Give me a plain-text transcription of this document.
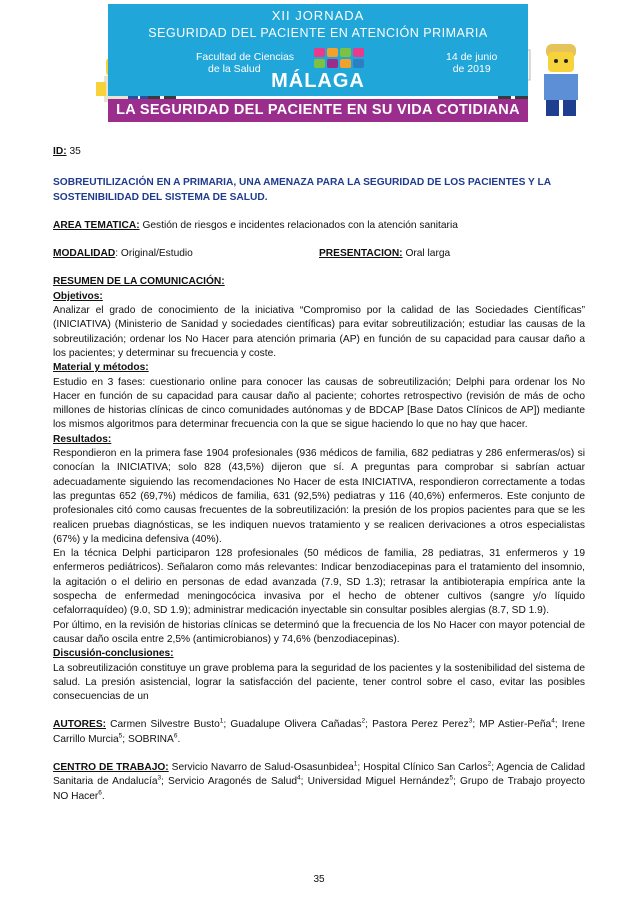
XII JORNADA
SEGURIDAD DEL PACIENTE EN ATENCIÓN PRIMARIA
Facultad de Ciencias
de la Salud
14 de junio
de 2019
MÁLAGA
LA SEGURIDAD DEL PACIENTE EN SU VIDA COTIDIANA
ID: 35
SOBREUTILIZACIÓN EN A PRIMARIA, UNA AMENAZA PARA LA SEGURIDAD DE LOS PACIENTES Y LA SOSTENIBILIDAD DEL SISTEMA DE SALUD.
AREA TEMATICA: Gestión de riesgos e incidentes relacionados con la atención sanitaria
MODALIDAD: Original/Estudio	PRESENTACION: Oral larga
RESUMEN DE LA COMUNICACIÓN:
Objetivos:
Analizar el grado de conocimiento de la iniciativa “Compromiso por la calidad de las Sociedades Científicas” (INICIATIVA) (Ministerio de Sanidad y sociedades científicas) para evitar sobreutilización; estudiar las causas de la sobreutilización; ordenar los No Hacer para atención primaria (AP) en función de su capacidad para causar daño a los pacientes; y determinar su frecuencia y coste.
Material y métodos:
Estudio en 3 fases: cuestionario online para conocer las causas de sobreutilización; Delphi para ordenar los No Hacer en función de su capacidad para causar daño al paciente; cohortes retrospectivo (revisión de más de ocho millones de historias clínicas de cinco comunidades autónomas y de BDCAP [Base Datos Clínicos de AP]) mediante los mismos algoritmos para determinar frecuencia con la que se sigue haciendo lo que no hay que hacer.
Resultados:
Respondieron en la primera fase 1904 profesionales (936 médicos de familia, 682 pediatras y 286 enfermeras/os) si conocían la INICIATIVA; solo 828 (43,5%) dijeron que sí. A preguntas para comprobar si sabrían actuar adecuadamente siguiendo las recomendaciones No Hacer de esta INICIATIVA, respondieron correctamente a todas las preguntas 652 (69,7%) médicos de familia, 631 (92,5%) pediatras y 116 (40,6%) enfermeros. Este conjunto de profesionales citó como causas frecuentes de la sobreutilización: la presión de los propios pacientes para que se les realicen pruebas diagnósticas, se les indiquen nuevos tratamiento y se realicen derivaciones a otros especialistas (67%) y la medicina defensiva (40%).
En la técnica Delphi participaron 128 profesionales (50 médicos de familia, 28 pediatras, 31 enfermeros y 19 enfermeros pediátricos). Señalaron como más relevantes: Indicar benzodiacepinas para el tratamiento del insomnio, la agitación o el delirio en personas de edad avanzada (7.9, SD 1.3); retrasar la antibioterapia empírica ante la sospecha de enfermedad meningocócica invasiva por el hecho de obtener cultivos (sangre y/o líquido cefalorraquídeo) (9.0, SD 1.9); administrar medicación inyectable sin consultar posibles alergias (8.7, SD 1.9).
Por último, en la revisión de historias clínicas se determinó que la frecuencia de los No Hacer con mayor potencial de causar daño oscila entre 2,5% (antimicrobianos) y 74,6% (benzodiacepinas).
Discusión-conclusiones:
La sobreutilización constituye un grave problema para la seguridad de los pacientes y la sostenibilidad del sistema de salud. La presión asistencial, lograr la satisfacción del paciente, tener control sobre el caso, evitar las posibles consecuencias de un
AUTORES: Carmen Silvestre Busto$^1$; Guadalupe Olivera Cañadas$^2$; Pastora Perez Perez$^3$; MP Astier-Peña$^4$; Irene Carrillo Murcia$^5$; SOBRINA$^6$.
CENTRO DE TRABAJO: Servicio Navarro de Salud-Osasunbidea$^1$; Hospital Clínico San Carlos$^2$; Agencia de Calidad Sanitaria de Andalucía$^3$; Servicio Aragonés de Salud$^4$; Universidad Miguel Hernández$^5$; Grupo de Trabajo proyecto NO Hacer$^6$.
35
